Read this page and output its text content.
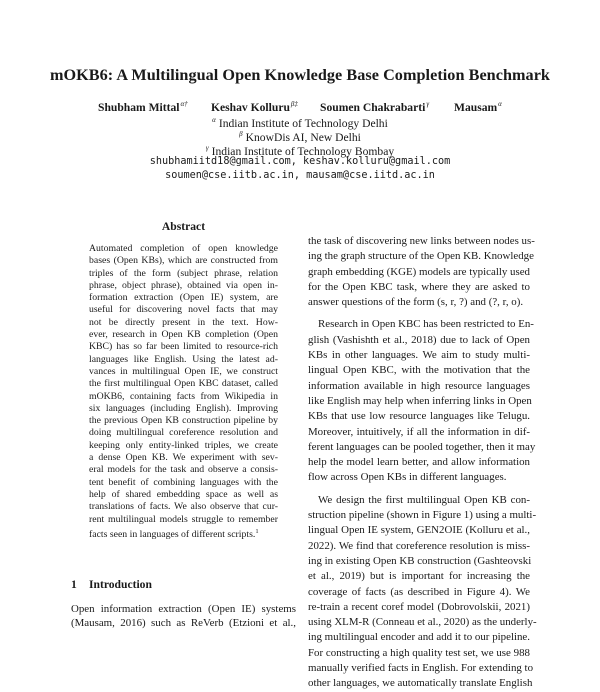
mOKB6: A Multilingual Open Knowledge Base Completion Benchmark
Shubham Mittal$^{\alpha\dagger}$ Keshav Kolluru$^{\beta\ddagger}$ Soumen Chakrabarti$^\gamma$ Mausam$^\alpha$
$^\alpha$ Indian Institute of Technology Delhi
$^\beta$ KnowDis AI, New Delhi
$^\gamma$ Indian Institute of Technology Bombay
shubhamiitd18@gmail.com, keshav.kolluru@gmail.com
soumen@cse.iitb.ac.in, mausam@cse.iitd.ac.in
Abstract
Automated completion of open knowledge
bases (Open KBs), which are constructed from
triples of the form (subject phrase, relation
phrase, object phrase), obtained via open in-
formation extraction (Open IE) system, are
useful for discovering novel facts that may
not be directly present in the text. How-
ever, research in Open KB completion (Open
KBC) has so far been limited to resource-rich
languages like English. Using the latest ad-
vances in multilingual Open IE, we construct
the first multilingual Open KBC dataset, called
mOKB6, containing facts from Wikipedia in
six languages (including English). Improving
the previous Open KB construction pipeline by
doing multilingual coreference resolution and
keeping only entity-linked triples, we create
a dense Open KB. We experiment with sev-
eral models for the task and observe a consis-
tent benefit of combining languages with the
help of shared embedding space as well as
translations of facts. We also observe that cur-
rent multilingual models struggle to remember
facts seen in languages of different scripts.$^1$
1 Introduction
Open information extraction (Open IE) systems
(Mausam, 2016) such as ReVerb (Etzioni et al.,
the task of discovering new links between nodes us-
ing the graph structure of the Open KB. Knowledge
graph embedding (KGE) models are typically used
for the Open KBC task, where they are asked to
answer questions of the form (s, r, ?) and (?, r, o).
Research in Open KBC has been restricted to En-
glish (Vashishth et al., 2018) due to lack of Open
KBs in other languages. We aim to study multi-
lingual Open KBC, with the motivation that the
information available in high resource languages
like English may help when inferring links in Open
KBs that use low resource languages like Telugu.
Moreover, intuitively, if all the information in dif-
ferent languages can be pooled together, then it may
help the model learn better, and allow information
flow across Open KBs in different languages.
We design the first multilingual Open KB con-
struction pipeline (shown in Figure 1) using a multi-
lingual Open IE system, GEN2OIE (Kolluru et al.,
2022). We find that coreference resolution is miss-
ing in existing Open KB construction (Gashteovski
et al., 2019) but is important for increasing the
coverage of facts (as described in Figure 4). We
re-train a recent coref model (Dobrovolskii, 2021)
using XLM-R (Conneau et al., 2020) as the underly-
ing multilingual encoder and add it to our pipeline.
For constructing a high quality test set, we use 988
manually verified facts in English. For extending to
other languages, we automatically translate English
